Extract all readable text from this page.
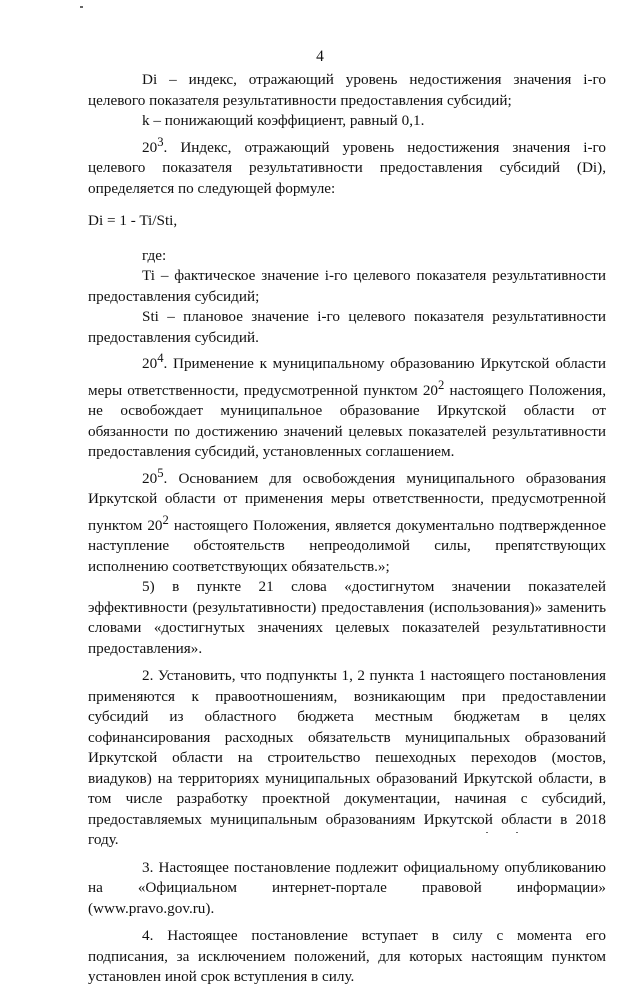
4

Di – индекс, отражающий уровень недостижения значения i-го целевого показателя результативности предоставления субсидий;

k – понижающий коэффициент, равный 0,1.

$20^3$. Индекс, отражающий уровень недостижения значения i-го целевого показателя результативности предоставления субсидий (Di), определяется по следующей формуле:

Di = 1 - Ti/Sti,

где:

Ti – фактическое значение i-го целевого показателя результативности предоставления субсидий;

Sti – плановое значение i-го целевого показателя результативности предоставления субсидий.

$20^4$. Применение к муниципальному образованию Иркутской области меры ответственности, предусмотренной пунктом $20^2$ настоящего Положения, не освобождает муниципальное образование Иркутской области от обязанности по достижению значений целевых показателей результативности предоставления субсидий, установленных соглашением.

$20^5$. Основанием для освобождения муниципального образования Иркутской области от применения меры ответственности, предусмотренной пунктом $20^2$ настоящего Положения, является документально подтвержденное наступление обстоятельств непреодолимой силы, препятствующих исполнению соответствующих обязательств.»;

5) в пункте 21 слова «достигнутом значении показателей эффективности (результативности) предоставления (использования)» заменить словами «достигнутых значениях целевых показателей результативности предоставления».

2. Установить, что подпункты 1, 2 пункта 1 настоящего постановления применяются к правоотношениям, возникающим при предоставлении субсидий из областного бюджета местным бюджетам в целях софинансирования расходных обязательств муниципальных образований Иркутской области на строительство пешеходных переходов (мостов, виадуков) на территориях муниципальных образований Иркутской области, в том числе разработку проектной документации, начиная с субсидий, предоставляемых муниципальным образованиям Иркутской области в 2018 году.

3. Настоящее постановление подлежит официальному опубликованию на «Официальном интернет-портале правовой информации» (www.pravo.gov.ru).

4. Настоящее постановление вступает в силу с момента его подписания, за исключением положений, для которых настоящим пунктом установлен иной срок вступления в силу.
